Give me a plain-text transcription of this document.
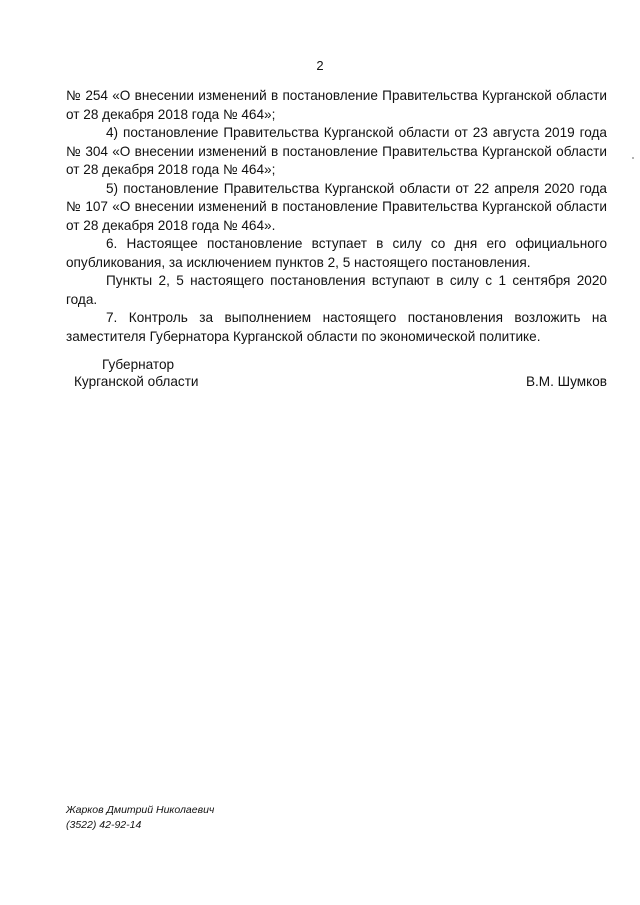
2

№ 254 «О внесении изменений в постановление Правительства Курганской области от 28 декабря 2018 года № 464»;

4) постановление Правительства Курганской области от 23 августа 2019 года № 304 «О внесении изменений в постановление Правительства Курганской области от 28 декабря 2018 года № 464»;

5) постановление Правительства Курганской области от 22 апреля 2020 года № 107 «О внесении изменений в постановление Правительства Курганской области от 28 декабря 2018 года № 464».

6. Настоящее постановление вступает в силу со дня его официального опубликования, за исключением пунктов 2, 5 настоящего постановления.

Пункты 2, 5 настоящего постановления вступают в силу с 1 сентября 2020 года.

7. Контроль за выполнением настоящего постановления возложить на заместителя Губернатора Курганской области по экономической политике.

Губернатор
Курганской области	В.М. Шумков
Жарков Дмитрий Николаевич
(3522) 42-92-14
